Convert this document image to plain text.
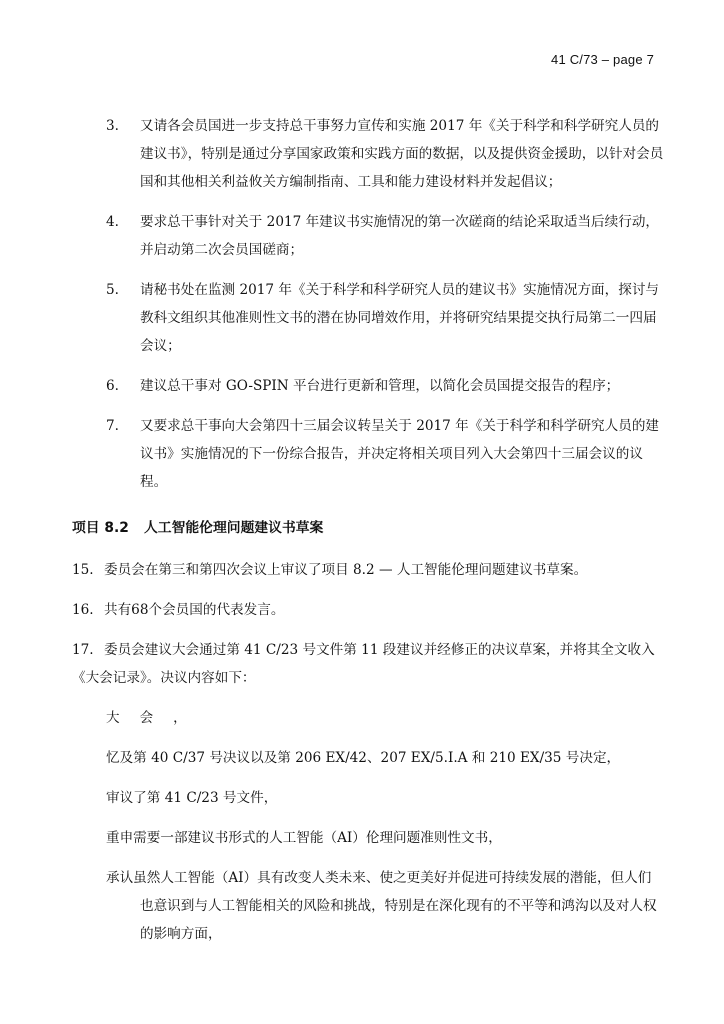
41 C/73 – page 7
3. 又请各会员国进一步支持总干事努力宣传和实施 2017 年《关于科学和科学研究人员的建议书》，特别是通过分享国家政策和实践方面的数据，以及提供资金援助，以针对会员国和其他相关利益攸关方编制指南、工具和能力建设材料并发起倡议；
4. 要求总干事针对关于 2017 年建议书实施情况的第一次磋商的结论采取适当后续行动，并启动第二次会员国磋商；
5. 请秘书处在监测 2017 年《关于科学和科学研究人员的建议书》实施情况方面，探讨与教科文组织其他准则性文书的潜在协同增效作用，并将研究结果提交执行局第二一四届会议；
6. 建议总干事对 GO-SPIN 平台进行更新和管理，以简化会员国提交报告的程序；
7. 又要求总干事向大会第四十三届会议转呈关于 2017 年《关于科学和科学研究人员的建议书》实施情况的下一份综合报告，并决定将相关项目列入大会第四十三届会议的议程。
项目 8.2 人工智能伦理问题建议书草案
15. 委员会在第三和第四次会议上审议了项目 8.2 — 人工智能伦理问题建议书草案。
16. 共有68个会员国的代表发言。
17. 委员会建议大会通过第 41 C/23 号文件第 11 段建议并经修正的决议草案，并将其全文收入《大会记录》。决议内容如下：
大会，
忆及第 40 C/37 号决议以及第 206 EX/42、207 EX/5.I.A 和 210 EX/35 号决定，
审议了第 41 C/23 号文件，
重申需要一部建议书形式的人工智能（AI）伦理问题准则性文书，
承认虽然人工智能（AI）具有改变人类未来、使之更美好并促进可持续发展的潜能，但人们也意识到与人工智能相关的风险和挑战，特别是在深化现有的不平等和鸿沟以及对人权的影响方面，
